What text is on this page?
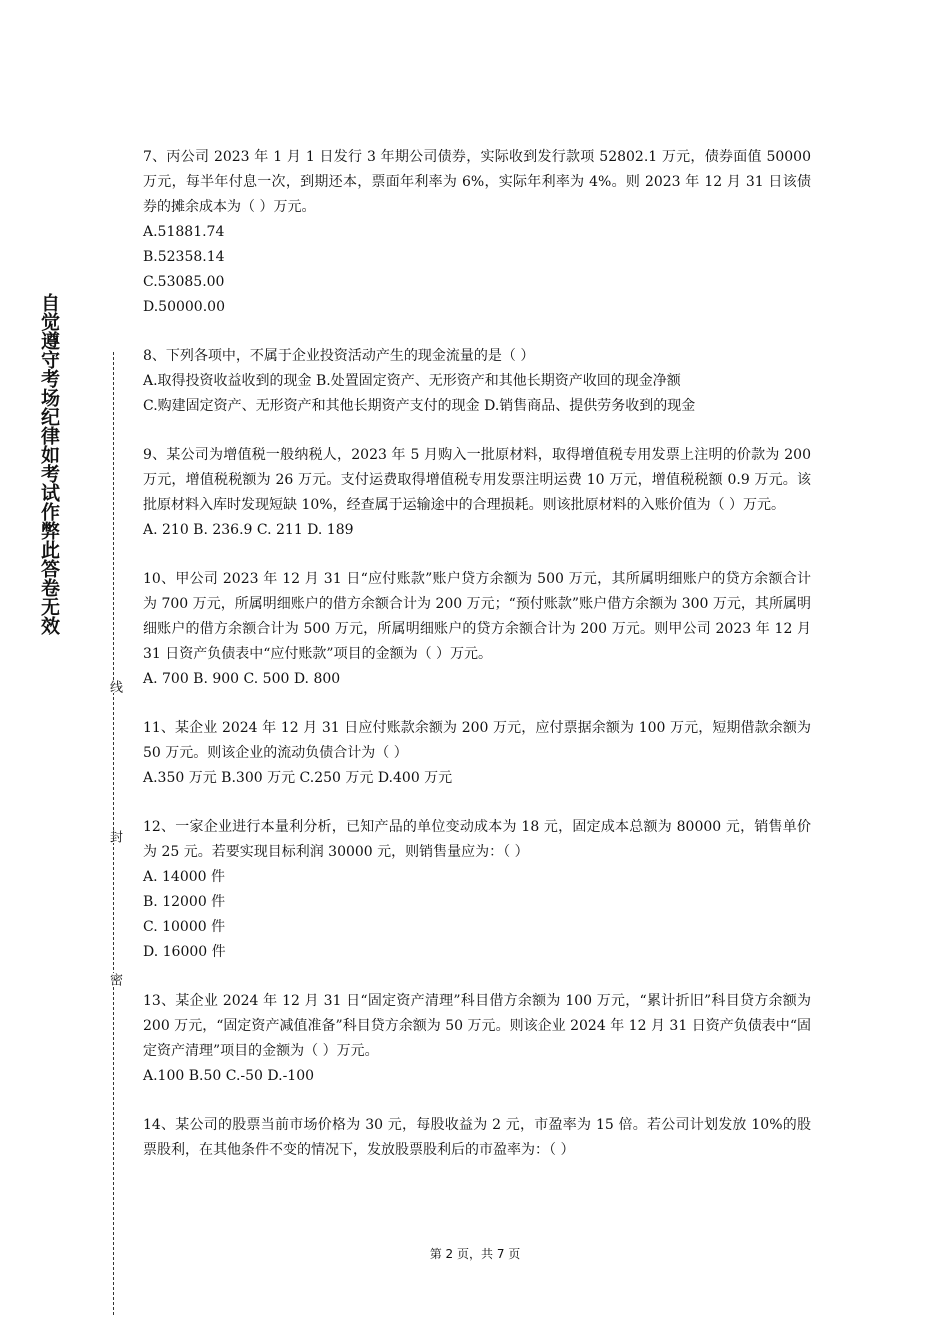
自觉遵守考场纪律如考试作弊此答卷无效
线
封
密

7、丙公司 2023 年 1 月 1 日发行 3 年期公司债券，实际收到发行款项 52802.1 万元，债券面值 50000 万元，每半年付息一次，到期还本，票面年利率为 6%，实际年利率为 4%。则 2023 年 12 月 31 日该债券的摊余成本为（ ）万元。

A.51881.74

B.52358.14

C.53085.00

D.50000.00

8、下列各项中，不属于企业投资活动产生的现金流量的是（ ）

A.取得投资收益收到的现金 B.处置固定资产、无形资产和其他长期资产收回的现金净额

C.购建固定资产、无形资产和其他长期资产支付的现金 D.销售商品、提供劳务收到的现金

9、某公司为增值税一般纳税人，2023 年 5 月购入一批原材料，取得增值税专用发票上注明的价款为 200 万元，增值税税额为 26 万元。支付运费取得增值税专用发票注明运费 10 万元，增值税税额 0.9 万元。该批原材料入库时发现短缺 10%，经查属于运输途中的合理损耗。则该批原材料的入账价值为（ ）万元。

A. 210 B. 236.9 C. 211 D. 189

10、甲公司 2023 年 12 月 31 日“应付账款”账户贷方余额为 500 万元，其所属明细账户的贷方余额合计为 700 万元，所属明细账户的借方余额合计为 200 万元；“预付账款”账户借方余额为 300 万元，其所属明细账户的借方余额合计为 500 万元，所属明细账户的贷方余额合计为 200 万元。则甲公司 2023 年 12 月 31 日资产负债表中“应付账款”项目的金额为（ ）万元。

A. 700 B. 900 C. 500 D. 800

11、某企业 2024 年 12 月 31 日应付账款余额为 200 万元，应付票据余额为 100 万元，短期借款余额为 50 万元。则该企业的流动负债合计为（ ）

A.350 万元 B.300 万元 C.250 万元 D.400 万元

12、一家企业进行本量利分析，已知产品的单位变动成本为 18 元，固定成本总额为 80000 元，销售单价为 25 元。若要实现目标利润 30000 元，则销售量应为：（ ）

A. 14000 件

B. 12000 件

C. 10000 件

D. 16000 件

13、某企业 2024 年 12 月 31 日“固定资产清理”科目借方余额为 100 万元，“累计折旧”科目贷方余额为 200 万元，“固定资产减值准备”科目贷方余额为 50 万元。则该企业 2024 年 12 月 31 日资产负债表中“固定资产清理”项目的金额为（ ）万元。

A.100 B.50 C.-50 D.-100

14、某公司的股票当前市场价格为 30 元，每股收益为 2 元，市盈率为 15 倍。若公司计划发放 10%的股票股利，在其他条件不变的情况下，发放股票股利后的市盈率为：（ ）

第 2 页，共 7 页
